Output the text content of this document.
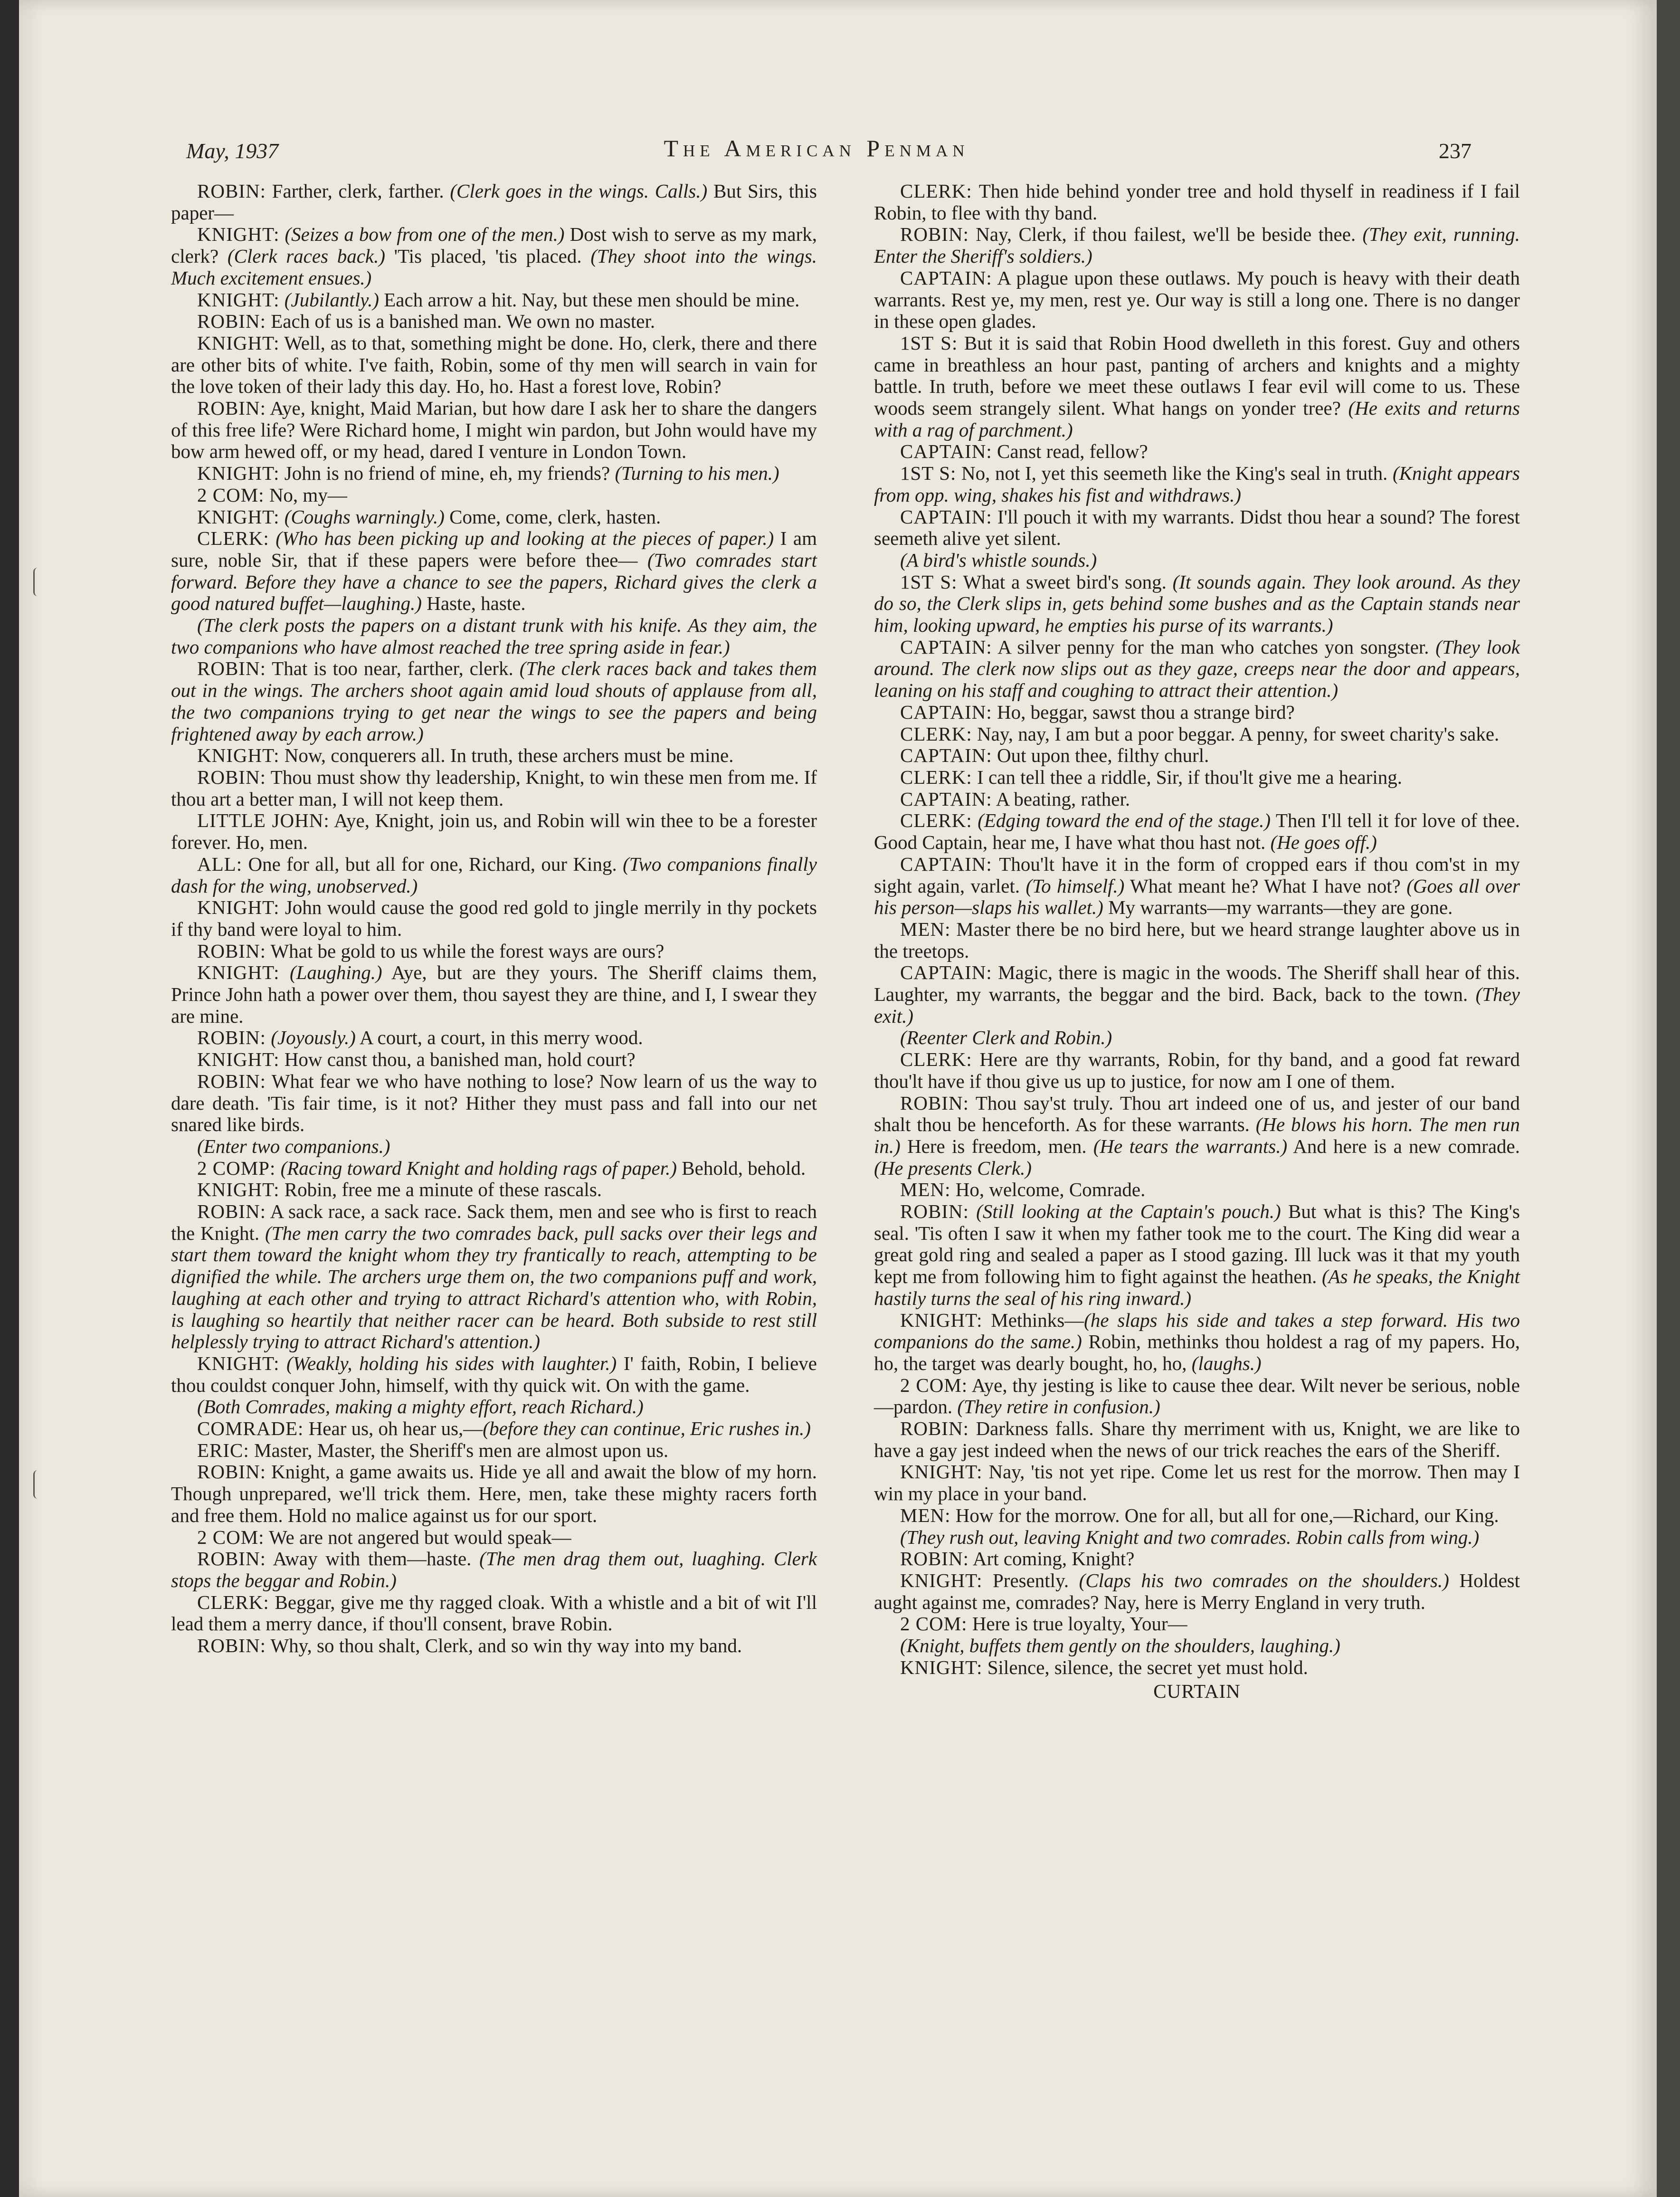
May, 1937	The American Penman	237

ROBIN: Farther, clerk, farther. (Clerk goes in the wings. Calls.) But Sirs, this paper—

KNIGHT: (Seizes a bow from one of the men.) Dost wish to serve as my mark, clerk? (Clerk races back.) 'Tis placed, 'tis placed. (They shoot into the wings. Much excitement ensues.)

KNIGHT: (Jubilantly.) Each arrow a hit. Nay, but these men should be mine.

ROBIN: Each of us is a banished man. We own no master.

KNIGHT: Well, as to that, something might be done. Ho, clerk, there and there are other bits of white. I've faith, Robin, some of thy men will search in vain for the love token of their lady this day. Ho, ho. Hast a forest love, Robin?

ROBIN: Aye, knight, Maid Marian, but how dare I ask her to share the dangers of this free life? Were Richard home, I might win pardon, but John would have my bow arm hewed off, or my head, dared I venture in London Town.

KNIGHT: John is no friend of mine, eh, my friends? (Turning to his men.)

2 COM: No, my—

KNIGHT: (Coughs warningly.) Come, come, clerk, hasten.

CLERK: (Who has been picking up and looking at the pieces of paper.) I am sure, noble Sir, that if these papers were before thee— (Two comrades start forward. Before they have a chance to see the papers, Richard gives the clerk a good natured buffet—laughing.) Haste, haste.

(The clerk posts the papers on a distant trunk with his knife. As they aim, the two companions who have almost reached the tree spring aside in fear.)

ROBIN: That is too near, farther, clerk. (The clerk races back and takes them out in the wings. The archers shoot again amid loud shouts of applause from all, the two companions trying to get near the wings to see the papers and being frightened away by each arrow.)

KNIGHT: Now, conquerers all. In truth, these archers must be mine.

ROBIN: Thou must show thy leadership, Knight, to win these men from me. If thou art a better man, I will not keep them.

LITTLE JOHN: Aye, Knight, join us, and Robin will win thee to be a forester forever. Ho, men.

ALL: One for all, but all for one, Richard, our King. (Two companions finally dash for the wing, unobserved.)

KNIGHT: John would cause the good red gold to jingle merrily in thy pockets if thy band were loyal to him.

ROBIN: What be gold to us while the forest ways are ours?

KNIGHT: (Laughing.) Aye, but are they yours. The Sheriff claims them, Prince John hath a power over them, thou sayest they are thine, and I, I swear they are mine.

ROBIN: (Joyously.) A court, a court, in this merry wood.

KNIGHT: How canst thou, a banished man, hold court?

ROBIN: What fear we who have nothing to lose? Now learn of us the way to dare death. 'Tis fair time, is it not? Hither they must pass and fall into our net snared like birds.

(Enter two companions.)

2 COMP: (Racing toward Knight and holding rags of paper.) Behold, behold.

KNIGHT: Robin, free me a minute of these rascals.

ROBIN: A sack race, a sack race. Sack them, men and see who is first to reach the Knight. (The men carry the two comrades back, pull sacks over their legs and start them toward the knight whom they try frantically to reach, attempting to be dignified the while. The archers urge them on, the two companions puff and work, laughing at each other and trying to attract Richard's attention who, with Robin, is laughing so heartily that neither racer can be heard. Both subside to rest still helplessly trying to attract Richard's attention.)

KNIGHT: (Weakly, holding his sides with laughter.) I' faith, Robin, I believe thou couldst conquer John, himself, with thy quick wit. On with the game.

(Both Comrades, making a mighty effort, reach Richard.)

COMRADE: Hear us, oh hear us,—(before they can continue, Eric rushes in.)

ERIC: Master, Master, the Sheriff's men are almost upon us.

ROBIN: Knight, a game awaits us. Hide ye all and await the blow of my horn. Though unprepared, we'll trick them. Here, men, take these mighty racers forth and free them. Hold no malice against us for our sport.

2 COM: We are not angered but would speak—

ROBIN: Away with them—haste. (The men drag them out, luaghing. Clerk stops the beggar and Robin.)

CLERK: Beggar, give me thy ragged cloak. With a whistle and a bit of wit I'll lead them a merry dance, if thou'll consent, brave Robin.

ROBIN: Why, so thou shalt, Clerk, and so win thy way into my band.

CLERK: Then hide behind yonder tree and hold thyself in readiness if I fail Robin, to flee with thy band.

ROBIN: Nay, Clerk, if thou failest, we'll be beside thee. (They exit, running. Enter the Sheriff's soldiers.)

CAPTAIN: A plague upon these outlaws. My pouch is heavy with their death warrants. Rest ye, my men, rest ye. Our way is still a long one. There is no danger in these open glades.

1ST S: But it is said that Robin Hood dwelleth in this forest. Guy and others came in breathless an hour past, panting of archers and knights and a mighty battle. In truth, before we meet these outlaws I fear evil will come to us. These woods seem strangely silent. What hangs on yonder tree? (He exits and returns with a rag of parchment.)

CAPTAIN: Canst read, fellow?

1ST S: No, not I, yet this seemeth like the King's seal in truth. (Knight appears from opp. wing, shakes his fist and withdraws.)

CAPTAIN: I'll pouch it with my warrants. Didst thou hear a sound? The forest seemeth alive yet silent.

(A bird's whistle sounds.)

1ST S: What a sweet bird's song. (It sounds again. They look around. As they do so, the Clerk slips in, gets behind some bushes and as the Captain stands near him, looking upward, he empties his purse of its warrants.)

CAPTAIN: A silver penny for the man who catches yon songster. (They look around. The clerk now slips out as they gaze, creeps near the door and appears, leaning on his staff and coughing to attract their attention.)

CAPTAIN: Ho, beggar, sawst thou a strange bird?

CLERK: Nay, nay, I am but a poor beggar. A penny, for sweet charity's sake.

CAPTAIN: Out upon thee, filthy churl.

CLERK: I can tell thee a riddle, Sir, if thou'lt give me a hearing.

CAPTAIN: A beating, rather.

CLERK: (Edging toward the end of the stage.) Then I'll tell it for love of thee. Good Captain, hear me, I have what thou hast not. (He goes off.)

CAPTAIN: Thou'lt have it in the form of cropped ears if thou com'st in my sight again, varlet. (To himself.) What meant he? What I have not? (Goes all over his person—slaps his wallet.) My warrants—my warrants—they are gone.

MEN: Master there be no bird here, but we heard strange laughter above us in the treetops.

CAPTAIN: Magic, there is magic in the woods. The Sheriff shall hear of this. Laughter, my warrants, the beggar and the bird. Back, back to the town. (They exit.)

(Reenter Clerk and Robin.)

CLERK: Here are thy warrants, Robin, for thy band, and a good fat reward thou'lt have if thou give us up to justice, for now am I one of them.

ROBIN: Thou say'st truly. Thou art indeed one of us, and jester of our band shalt thou be henceforth. As for these warrants. (He blows his horn. The men run in.) Here is freedom, men. (He tears the warrants.) And here is a new comrade. (He presents Clerk.)

MEN: Ho, welcome, Comrade.

ROBIN: (Still looking at the Captain's pouch.) But what is this? The King's seal. 'Tis often I saw it when my father took me to the court. The King did wear a great gold ring and sealed a paper as I stood gazing. Ill luck was it that my youth kept me from following him to fight against the heathen. (As he speaks, the Knight hastily turns the seal of his ring inward.)

KNIGHT: Methinks—(he slaps his side and takes a step forward. His two companions do the same.) Robin, methinks thou holdest a rag of my papers. Ho, ho, the target was dearly bought, ho, ho, (laughs.)

2 COM: Aye, thy jesting is like to cause thee dear. Wilt never be serious, noble—pardon. (They retire in confusion.)

ROBIN: Darkness falls. Share thy merriment with us, Knight, we are like to have a gay jest indeed when the news of our trick reaches the ears of the Sheriff.

KNIGHT: Nay, 'tis not yet ripe. Come let us rest for the morrow. Then may I win my place in your band.

MEN: How for the morrow. One for all, but all for one,—Richard, our King.

(They rush out, leaving Knight and two comrades. Robin calls from wing.)

ROBIN: Art coming, Knight?

KNIGHT: Presently. (Claps his two comrades on the shoulders.) Holdest aught against me, comrades? Nay, here is Merry England in very truth.

2 COM: Here is true loyalty, Your—

(Knight, buffets them gently on the shoulders, laughing.)

KNIGHT: Silence, silence, the secret yet must hold.

CURTAIN
